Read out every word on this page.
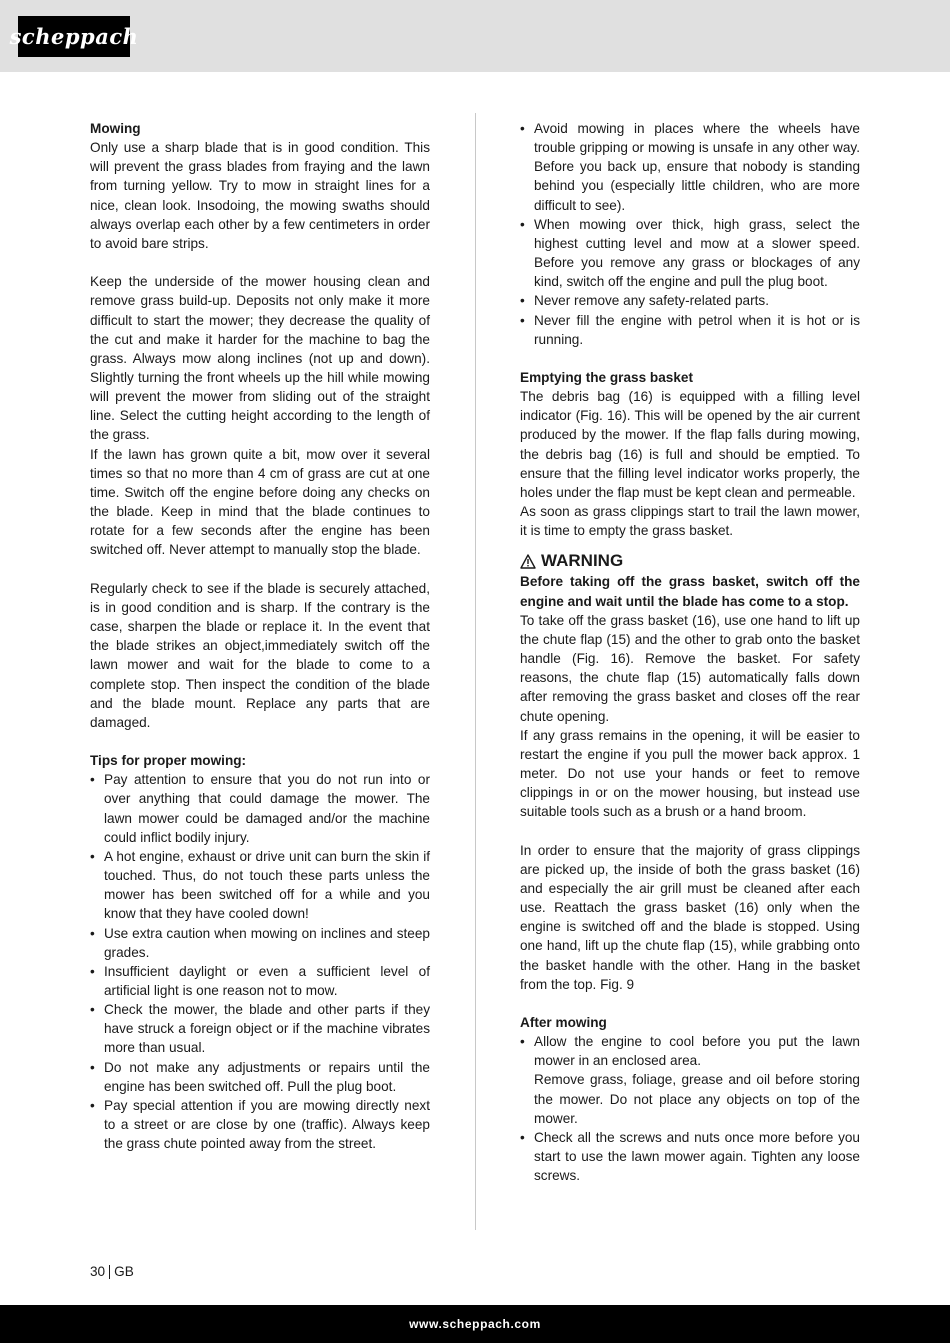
scheppach
Mowing

Only use a sharp blade that is in good condition. This will prevent the grass blades from fraying and the lawn from turning yellow. Try to mow in straight lines for a nice, clean look. Insodoing, the mowing swaths should always overlap each other by a few centimeters in order to avoid bare strips.

Keep the underside of the mower housing clean and remove grass build-up. Deposits not only make it more difficult to start the mower; they decrease the quality of the cut and make it harder for the machine to bag the grass. Always mow along inclines (not up and down). Slightly turning the front wheels up the hill while mowing will prevent the mower from sliding out of the straight line. Select the cutting height according to the length of the grass.

If the lawn has grown quite a bit, mow over it several times so that no more than 4 cm of grass are cut at one time. Switch off the engine before doing any checks on the blade. Keep in mind that the blade continues to rotate for a few seconds after the engine has been switched off. Never attempt to manually stop the blade.

Regularly check to see if the blade is securely attached, is in good condition and is sharp. If the contrary is the case, sharpen the blade or replace it. In the event that the blade strikes an object,immediately switch off the lawn mower and wait for the blade to come to a complete stop. Then inspect the condition of the blade and the blade mount. Replace any parts that are damaged.

Tips for proper mowing:
• Pay attention to ensure that you do not run into or over anything that could damage the mower. The lawn mower could be damaged and/or the machine could inflict bodily injury.
• A hot engine, exhaust or drive unit can burn the skin if touched. Thus, do not touch these parts unless the mower has been switched off for a while and you know that they have cooled down!
• Use extra caution when mowing on inclines and steep grades.
• Insufficient daylight or even a sufficient level of artificial light is one reason not to mow.
• Check the mower, the blade and other parts if they have struck a foreign object or if the machine vibrates more than usual.
• Do not make any adjustments or repairs until the engine has been switched off. Pull the plug boot.
• Pay special attention if you are mowing directly next to a street or are close by one (traffic). Always keep the grass chute pointed away from the street.
• Avoid mowing in places where the wheels have trouble gripping or mowing is unsafe in any other way. Before you back up, ensure that nobody is standing behind you (especially little children, who are more difficult to see).
• When mowing over thick, high grass, select the highest cutting level and mow at a slower speed. Before you remove any grass or blockages of any kind, switch off the engine and pull the plug boot.
• Never remove any safety-related parts.
• Never fill the engine with petrol when it is hot or is running.
Emptying the grass basket

The debris bag (16) is equipped with a filling level indicator (Fig. 16). This will be opened by the air current produced by the mower. If the flap falls during mowing, the debris bag (16) is full and should be emptied. To ensure that the filling level indicator works properly, the holes under the flap must be kept clean and permeable.

As soon as grass clippings start to trail the lawn mower, it is time to empty the grass basket.

WARNING

Before taking off the grass basket, switch off the engine and wait until the blade has come to a stop.

To take off the grass basket (16), use one hand to lift up the chute flap (15) and the other to grab onto the basket handle (Fig. 16). Remove the basket. For safety reasons, the chute flap (15) automatically falls down after removing the grass basket and closes off the rear chute opening.

If any grass remains in the opening, it will be easier to restart the engine if you pull the mower back approx. 1 meter. Do not use your hands or feet to remove clippings in or on the mower housing, but instead use suitable tools such as a brush or a hand broom.

In order to ensure that the majority of grass clippings are picked up, the inside of both the grass basket (16) and especially the air grill must be cleaned after each use. Reattach the grass basket (16) only when the engine is switched off and the blade is stopped. Using one hand, lift up the chute flap (15), while grabbing onto the basket handle with the other. Hang in the basket from the top. Fig. 9

After mowing
• Allow the engine to cool before you put the lawn mower in an enclosed area.
Remove grass, foliage, grease and oil before storing the mower. Do not place any objects on top of the mower.
• Check all the screws and nuts once more before you start to use the lawn mower again. Tighten any loose screws.
30 GB
www.scheppach.com
